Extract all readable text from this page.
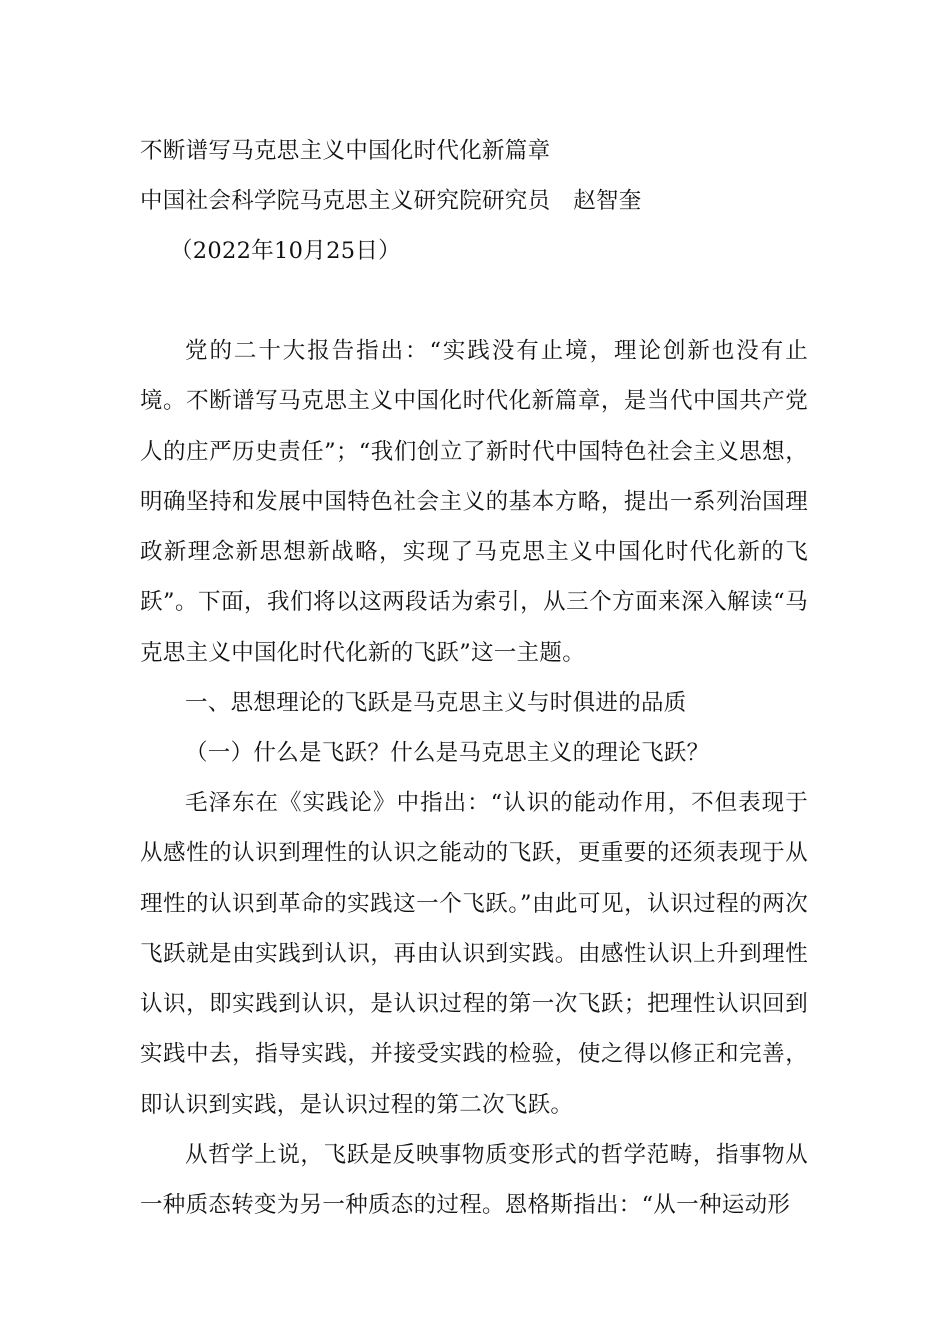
不断谱写马克思主义中国化时代化新篇章
中国社会科学院马克思主义研究院研究员　赵智奎
（2022年10月25日）
党的二十大报告指出：“实践没有止境，理论创新也没有止境。不断谱写马克思主义中国化时代化新篇章，是当代中国共产党人的庄严历史责任”；“我们创立了新时代中国特色社会主义思想，明确坚持和发展中国特色社会主义的基本方略，提出一系列治国理政新理念新思想新战略，实现了马克思主义中国化时代化新的飞跃”。下面，我们将以这两段话为索引，从三个方面来深入解读“马克思主义中国化时代化新的飞跃”这一主题。
一、思想理论的飞跃是马克思主义与时俱进的品质
（一）什么是飞跃？什么是马克思主义的理论飞跃？
毛泽东在《实践论》中指出：“认识的能动作用，不但表现于从感性的认识到理性的认识之能动的飞跃，更重要的还须表现于从理性的认识到革命的实践这一个飞跃。”由此可见，认识过程的两次飞跃就是由实践到认识，再由认识到实践。由感性认识上升到理性认识，即实践到认识，是认识过程的第一次飞跃；把理性认识回到实践中去，指导实践，并接受实践的检验，使之得以修正和完善，即认识到实践，是认识过程的第二次飞跃。
从哲学上说，飞跃是反映事物质变形式的哲学范畴，指事物从一种质态转变为另一种质态的过程。恩格斯指出：“从一种运动形
